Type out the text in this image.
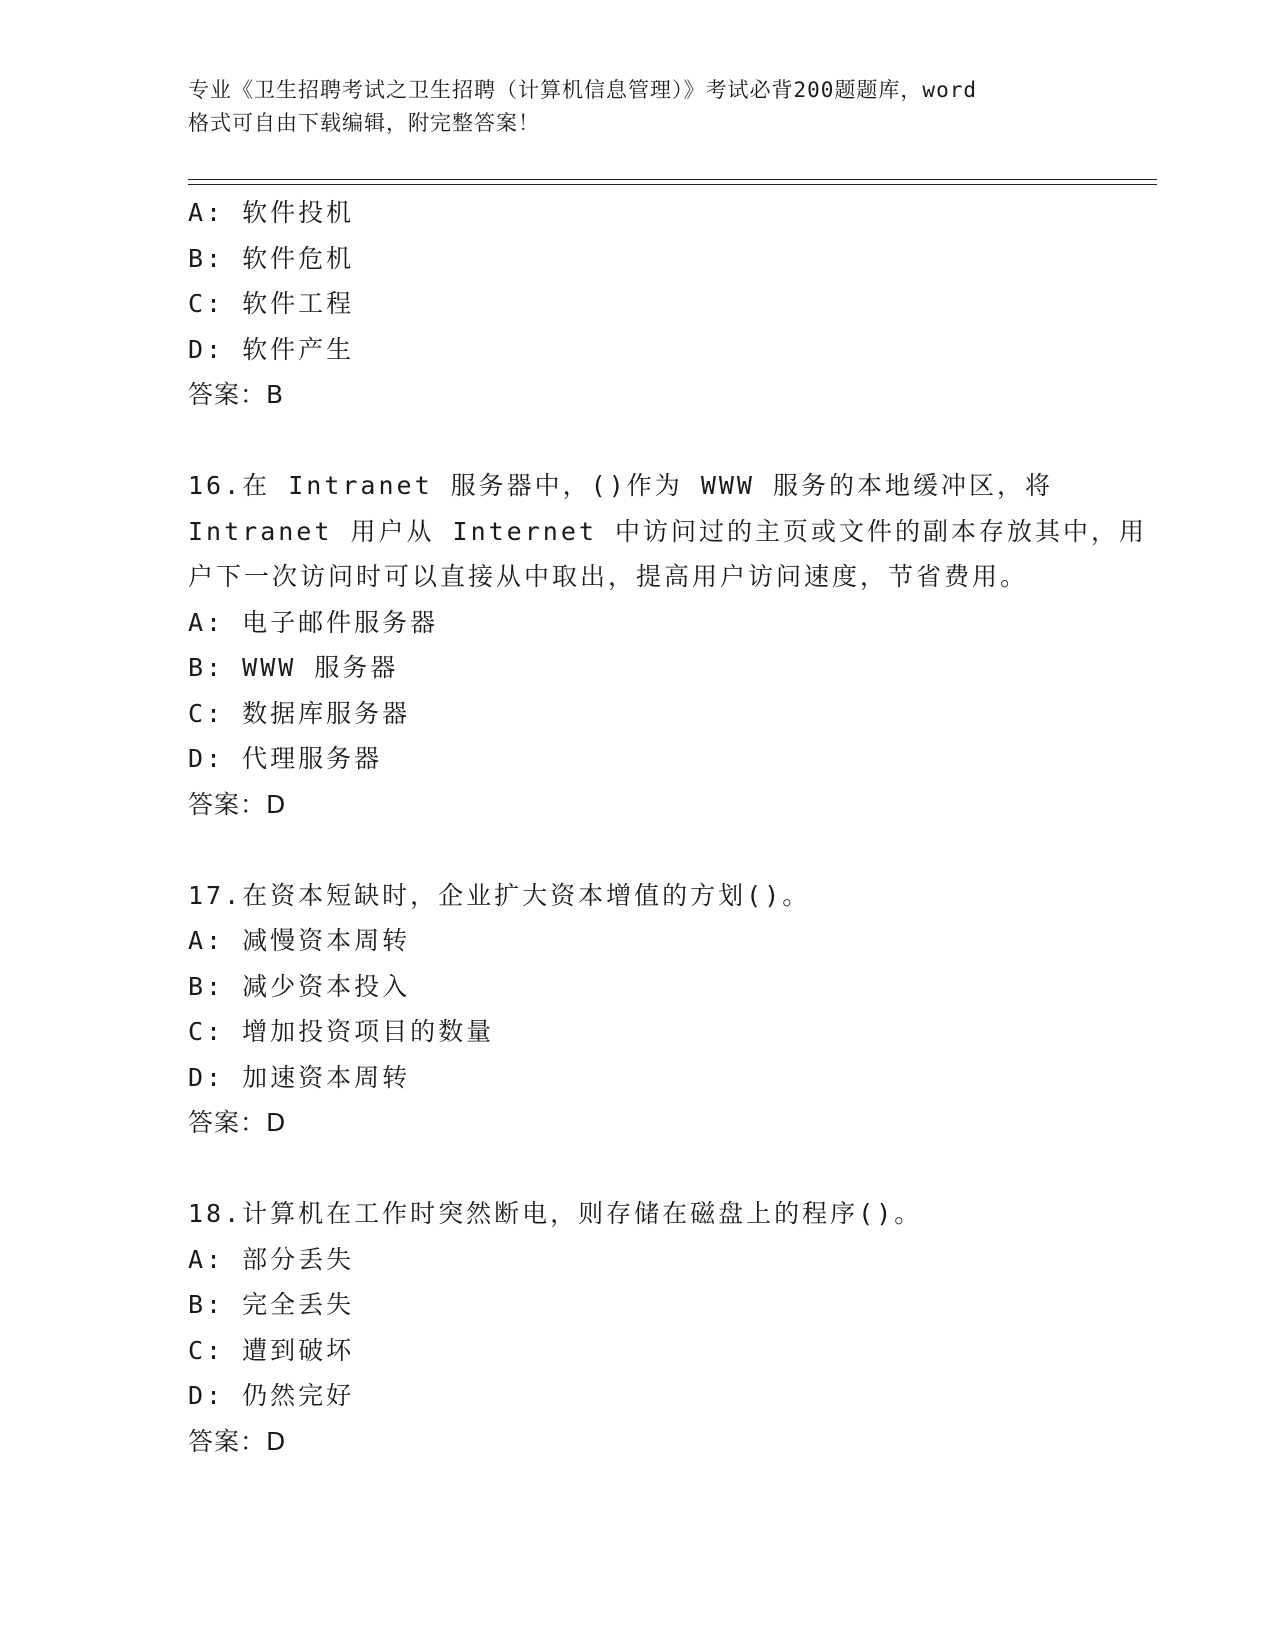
专业《卫生招聘考试之卫生招聘（计算机信息管理）》考试必背200题题库，word
格式可自由下载编辑，附完整答案！
A: 软件投机
B: 软件危机
C: 软件工程
D: 软件产生
答案：B
16.在 Intranet 服务器中，()作为 WWW 服务的本地缓冲区，将
Intranet 用户从 Internet 中访问过的主页或文件的副本存放其中，用
户下一次访问时可以直接从中取出，提高用户访问速度，节省费用。
A: 电子邮件服务器
B: WWW 服务器
C: 数据库服务器
D: 代理服务器
答案：D
17.在资本短缺时，企业扩大资本增值的方划()。
A: 减慢资本周转
B: 减少资本投入
C: 增加投资项目的数量
D: 加速资本周转
答案：D
18.计算机在工作时突然断电，则存储在磁盘上的程序()。
A: 部分丢失
B: 完全丢失
C: 遭到破坏
D: 仍然完好
答案：D
